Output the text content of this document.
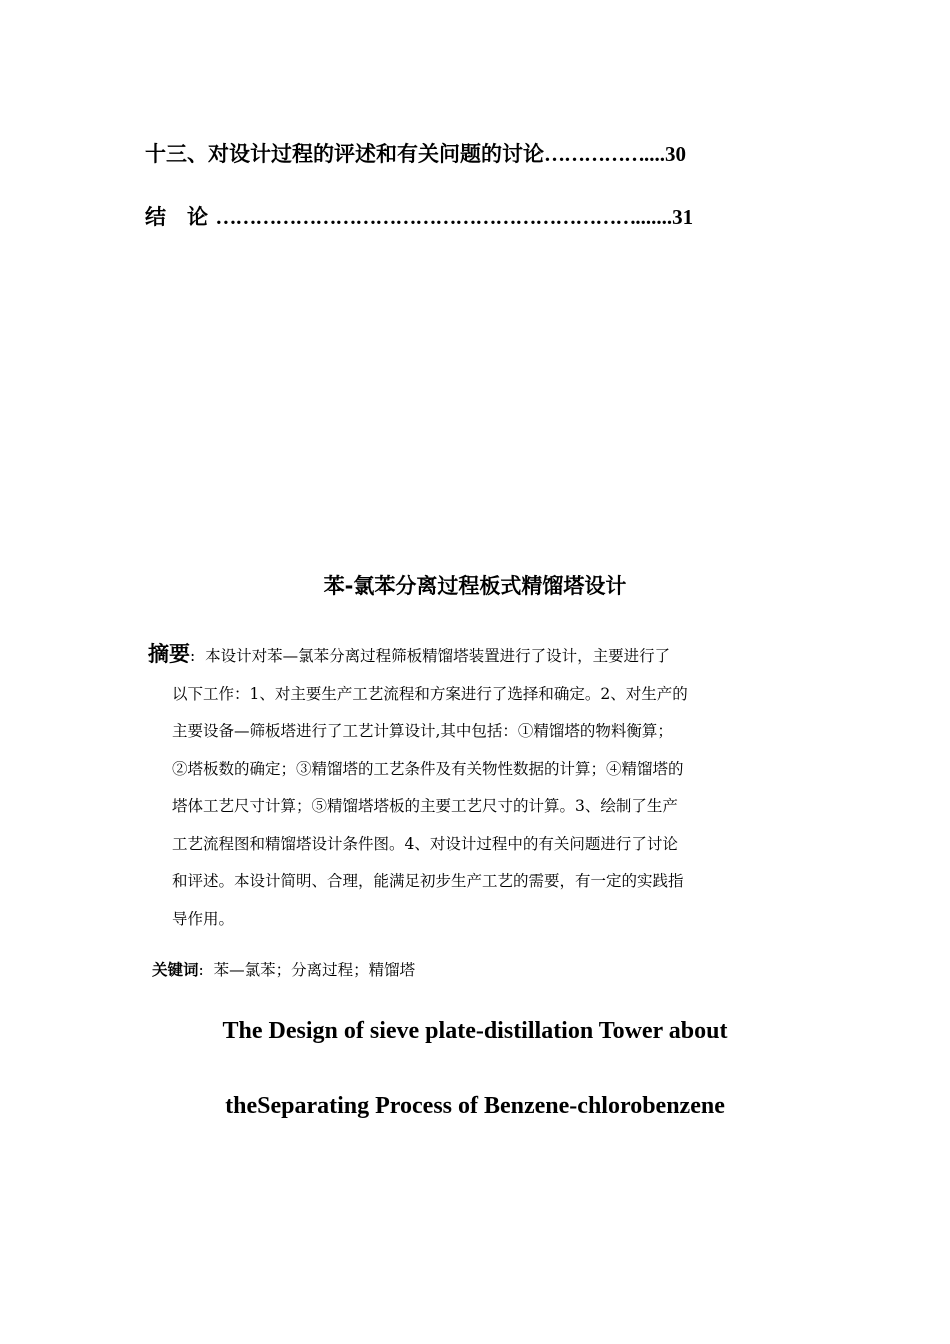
十三、对设计过程的评述和有关问题的讨论……………....30
结　论 ……………………………………………………….......31
苯-氯苯分离过程板式精馏塔设计
摘要: 本设计对苯—氯苯分离过程筛板精馏塔装置进行了设计，主要进行了
以下工作：1、对主要生产工艺流程和方案进行了选择和确定。2、对生产的
主要设备—筛板塔进行了工艺计算设计,其中包括：①精馏塔的物料衡算；
②塔板数的确定；③精馏塔的工艺条件及有关物性数据的计算；④精馏塔的
塔体工艺尺寸计算；⑤精馏塔塔板的主要工艺尺寸的计算。3、绘制了生产
工艺流程图和精馏塔设计条件图。4、对设计过程中的有关问题进行了讨论
和评述。本设计简明、合理，能满足初步生产工艺的需要，有一定的实践指
导作用。
关键词: 苯—氯苯；分离过程；精馏塔
The Design of sieve plate-distillation Tower about
theSeparating Process of Benzene-chlorobenzene
